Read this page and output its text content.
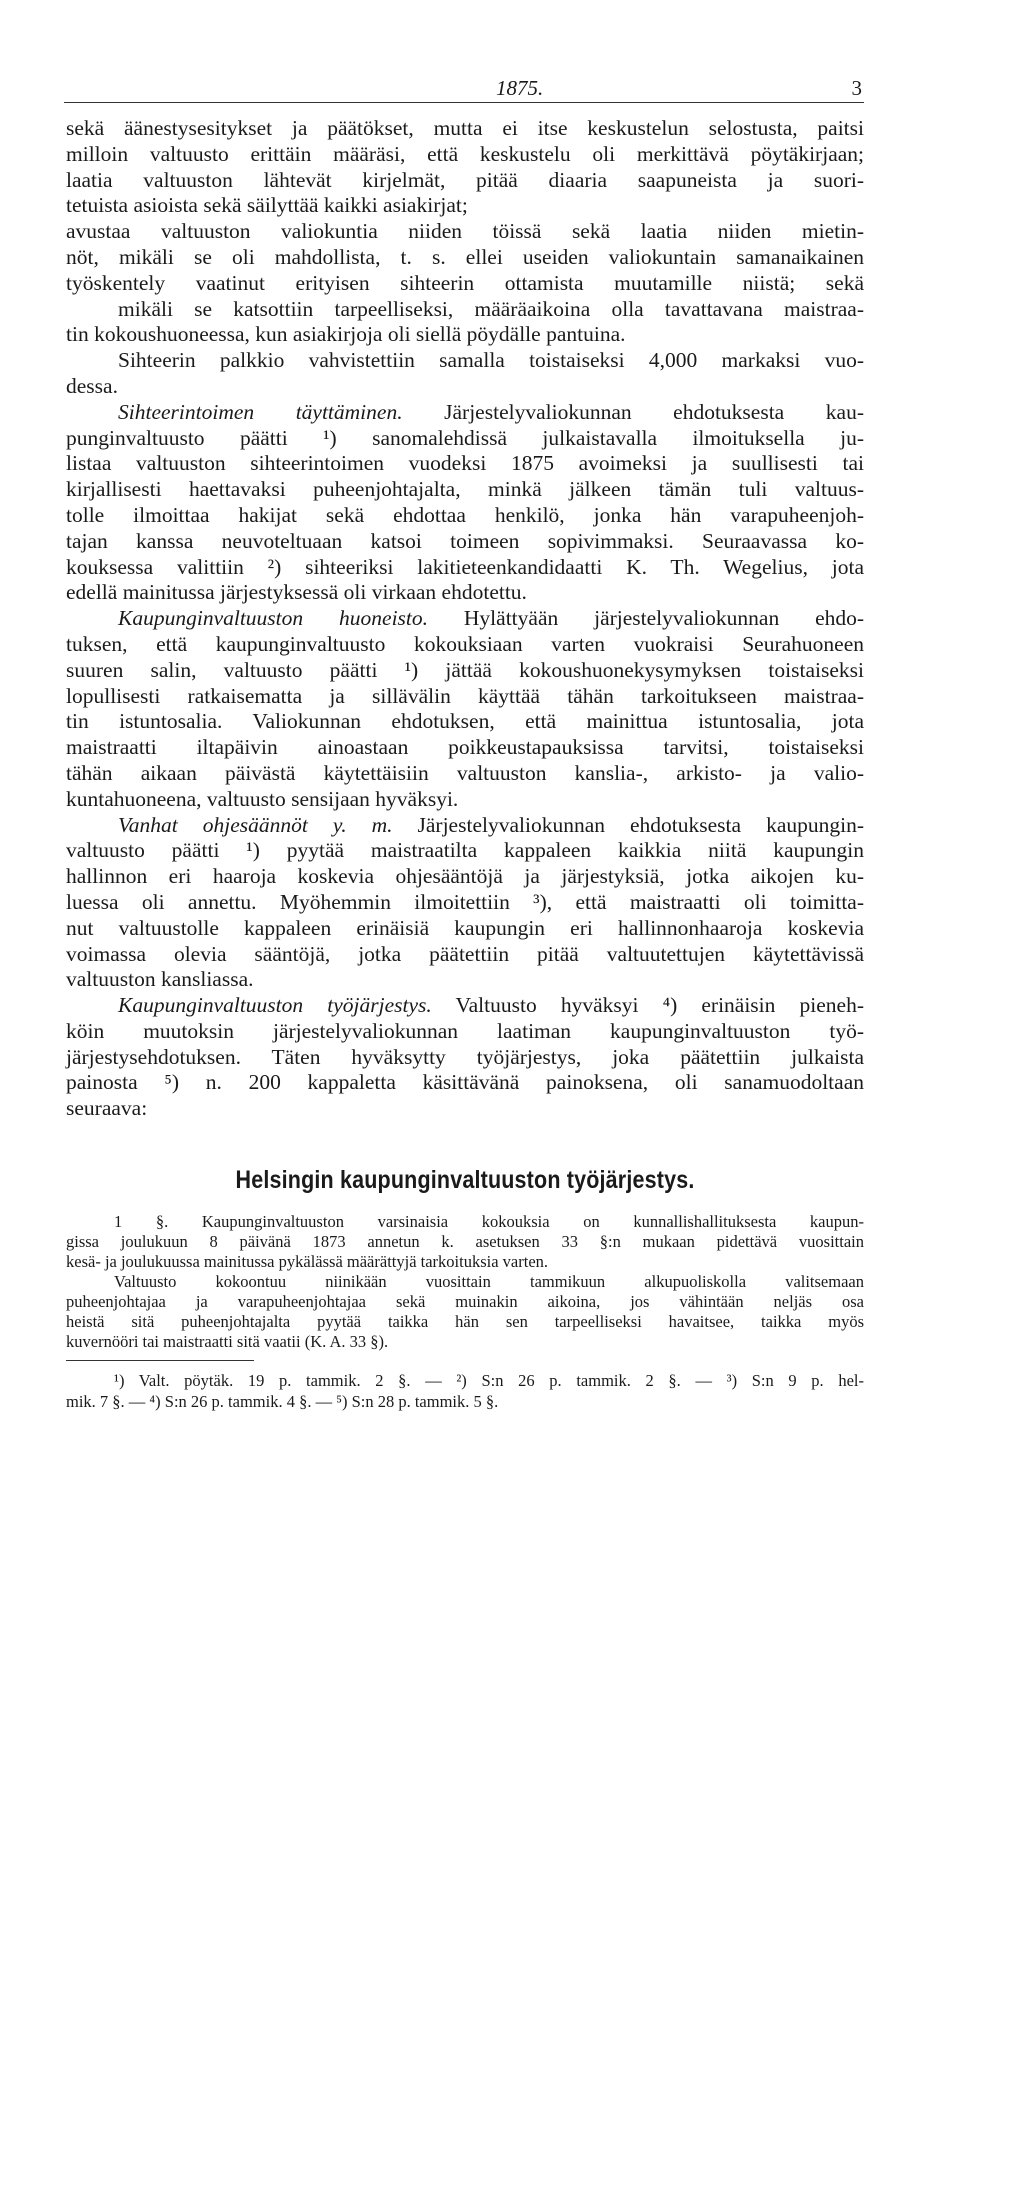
1875.	3
sekä äänestysesitykset ja päätökset, mutta ei itse keskustelun selostusta, paitsi
milloin valtuusto erittäin määräsi, että keskustelu oli merkittävä pöytäkirjaan;
laatia valtuuston lähtevät kirjelmät, pitää diaaria saapuneista ja suori-
tetuista asioista sekä säilyttää kaikki asiakirjat;
avustaa valtuuston valiokuntia niiden töissä sekä laatia niiden mietin-
nöt, mikäli se oli mahdollista, t. s. ellei useiden valiokuntain samanaikainen
työskentely vaatinut erityisen sihteerin ottamista muutamille niistä; sekä
mikäli se katsottiin tarpeelliseksi, määräaikoina olla tavattavana maistraa-
tin kokoushuoneessa, kun asiakirjoja oli siellä pöydälle pantuina.
Sihteerin palkkio vahvistettiin samalla toistaiseksi 4,000 markaksi vuo-
dessa.
Sihteerintoimen täyttäminen. Järjestelyvaliokunnan ehdotuksesta kau-
punginvaltuusto päätti ¹) sanomalehdissä julkaistavalla ilmoituksella ju-
listaa valtuuston sihteerintoimen vuodeksi 1875 avoimeksi ja suullisesti tai
kirjallisesti haettavaksi puheenjohtajalta, minkä jälkeen tämän tuli valtuus-
tolle ilmoittaa hakijat sekä ehdottaa henkilö, jonka hän varapuheenjoh-
tajan kanssa neuvoteltuaan katsoi toimeen sopivimmaksi. Seuraavassa ko-
kouksessa valittiin ²) sihteeriksi lakitieteenkandidaatti K. Th. Wegelius, jota
edellä mainitussa järjestyksessä oli virkaan ehdotettu.
Kaupunginvaltuuston huoneisto. Hylättyään järjestelyvaliokunnan ehdo-
tuksen, että kaupunginvaltuusto kokouksiaan varten vuokraisi Seurahuoneen
suuren salin, valtuusto päätti ¹) jättää kokoushuonekysymyksen toistaiseksi
lopullisesti ratkaisematta ja sillävälin käyttää tähän tarkoitukseen maistraa-
tin istuntosalia. Valiokunnan ehdotuksen, että mainittua istuntosalia, jota
maistraatti iltapäivin ainoastaan poikkeustapauksissa tarvitsi, toistaiseksi
tähän aikaan päivästä käytettäisiin valtuuston kanslia-, arkisto- ja valio-
kuntahuoneena, valtuusto sensijaan hyväksyi.
Vanhat ohjesäännöt y. m. Järjestelyvaliokunnan ehdotuksesta kaupungin-
valtuusto päätti ¹) pyytää maistraatilta kappaleen kaikkia niitä kaupungin
hallinnon eri haaroja koskevia ohjesääntöjä ja järjestyksiä, jotka aikojen ku-
luessa oli annettu. Myöhemmin ilmoitettiin ³), että maistraatti oli toimitta-
nut valtuustolle kappaleen erinäisiä kaupungin eri hallinnonhaaroja koskevia
voimassa olevia sääntöjä, jotka päätettiin pitää valtuutettujen käytettävissä
valtuuston kansliassa.
Kaupunginvaltuuston työjärjestys. Valtuusto hyväksyi ⁴) erinäisin pieneh-
köin muutoksin järjestelyvaliokunnan laatiman kaupunginvaltuuston työ-
järjestysehdotuksen. Täten hyväksytty työjärjestys, joka päätettiin julkaista
painosta ⁵) n. 200 kappaletta käsittävänä painoksena, oli sanamuodoltaan
seuraava:
Helsingin kaupunginvaltuuston työjärjestys.
1 §. Kaupunginvaltuuston varsinaisia kokouksia on kunnallishallituksesta kaupun-
gissa joulukuun 8 päivänä 1873 annetun k. asetuksen 33 §:n mukaan pidettävä vuosittain
kesä- ja joulukuussa mainitussa pykälässä määrättyjä tarkoituksia varten.
Valtuusto kokoontuu niinikään vuosittain tammikuun alkupuoliskolla valitsemaan
puheenjohtajaa ja varapuheenjohtajaa sekä muinakin aikoina, jos vähintään neljäs osa
heistä sitä puheenjohtajalta pyytää taikka hän sen tarpeelliseksi havaitsee, taikka myös
kuvernööri tai maistraatti sitä vaatii (K. A. 33 §).
¹) Valt. pöytäk. 19 p. tammik. 2 §. — ²) S:n 26 p. tammik. 2 §. — ³) S:n 9 p. hel-
mik. 7 §. — ⁴) S:n 26 p. tammik. 4 §. — ⁵) S:n 28 p. tammik. 5 §.
